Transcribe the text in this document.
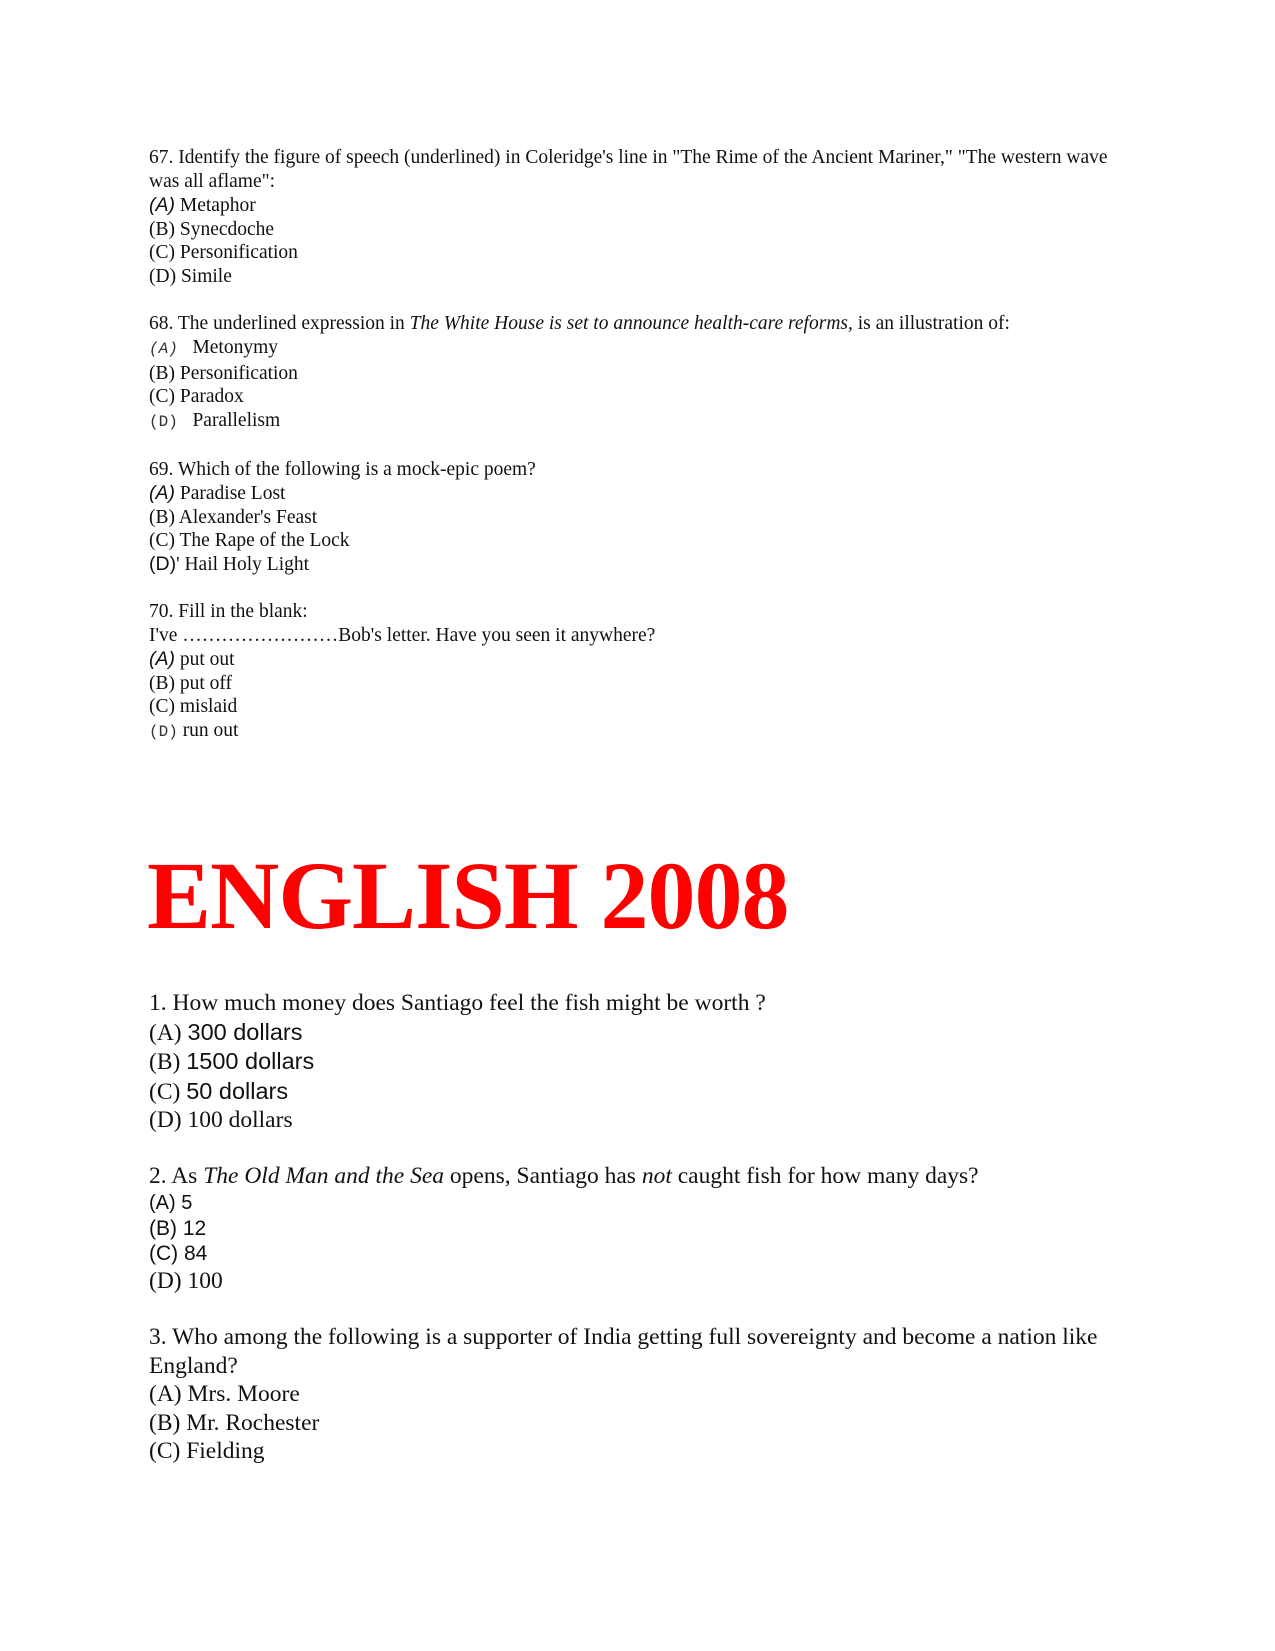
67. Identify the figure of speech (underlined) in Coleridge's line in "The Rime of the Ancient Mariner," "The western wave was all aflame":

(A) Metaphor

(B) Synecdoche

(C) Personification

(D) Simile

68. The underlined expression in The White House is set to announce health-care reforms, is an illustration of:

(A)   Metonymy

(B) Personification

(C) Paradox

(D)   Parallelism

69. Which of the following is a mock-epic poem?

(A) Paradise Lost

(B) Alexander's Feast

(C) The Rape of the Lock

(D)' Hail Holy Light

70. Fill in the blank:

I've ……………………Bob's letter. Have you seen it anywhere?

(A) put out

(B) put off

(C) mislaid

(D) run out

ENGLISH 2008

1. How much money does Santiago feel the fish might be worth ?

(A) 300 dollars

(B) 1500 dollars

(C) 50 dollars

(D) 100 dollars

2. As The Old Man and the Sea opens, Santiago has not caught fish for how many days?

(A) 5

(B) 12

(C) 84

(D) 100

3. Who among the following is a supporter of India getting full sovereignty and become a nation like England?

(A) Mrs. Moore

(B) Mr. Rochester

(C) Fielding
